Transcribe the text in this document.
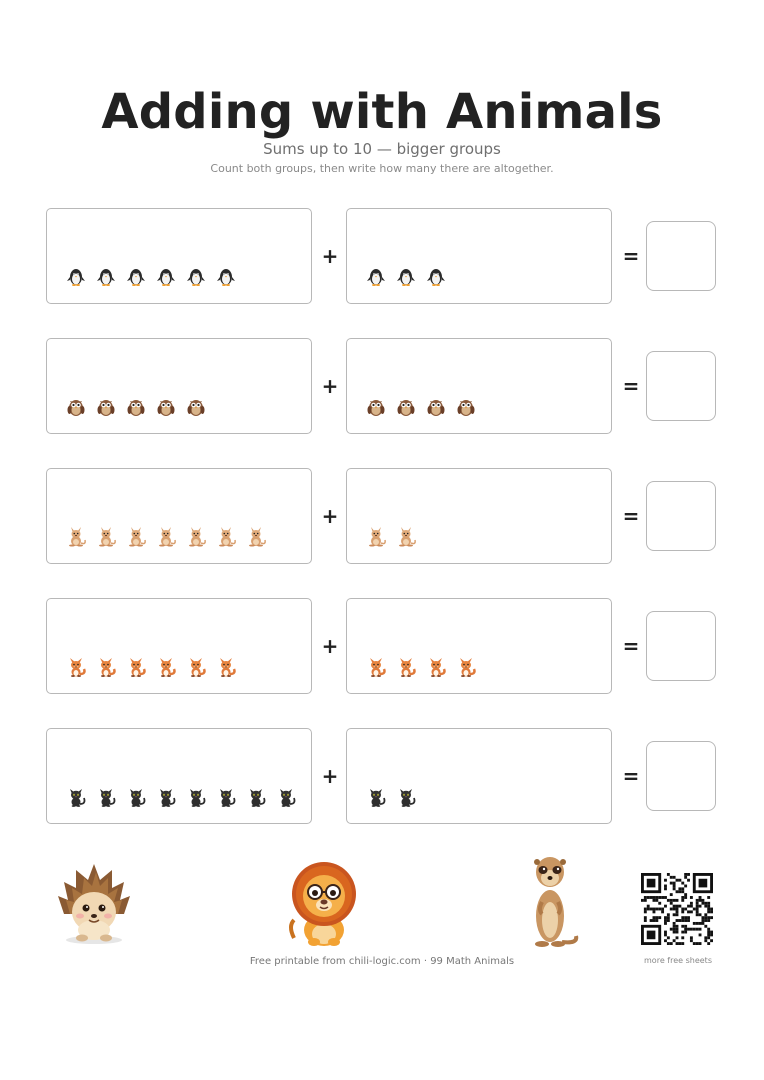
Adding with Animals
Sums up to 10 — bigger groups
Count both groups, then write how many there are altogether.
+	=
+	=
+	=
+	=
+	=
Free printable from chili-logic.com · 99 Math Animals	more free sheets
